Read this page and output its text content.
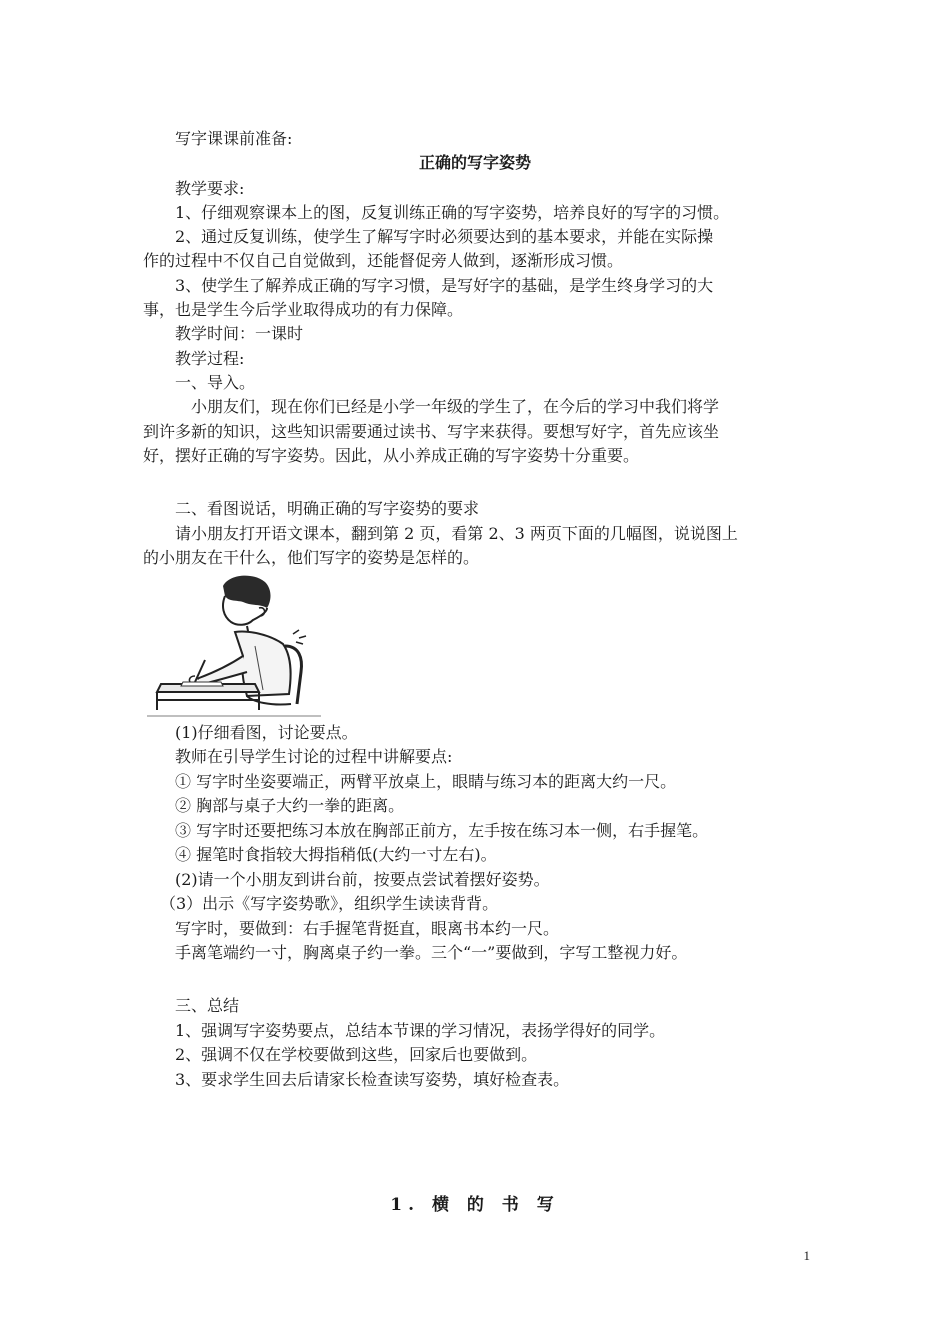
写字课课前准备:
正确的写字姿势
教学要求:
1、仔细观察课本上的图，反复训练正确的写字姿势，培养良好的写字的习惯。
2、通过反复训练，使学生了解写字时必须要达到的基本要求，并能在实际操
作的过程中不仅自己自觉做到，还能督促旁人做到，逐渐形成习惯。
3、使学生了解养成正确的写字习惯，是写好字的基础，是学生终身学习的大
事，也是学生今后学业取得成功的有力保障。
教学时间：一课时
教学过程:
一、导入。
小朋友们，现在你们已经是小学一年级的学生了，在今后的学习中我们将学
到许多新的知识，这些知识需要通过读书、写字来获得。要想写好字，首先应该坐
好，摆好正确的写字姿势。因此，从小养成正确的写字姿势十分重要。
二、看图说话，明确正确的写字姿势的要求
请小朋友打开语文课本，翻到第 2 页，看第 2、3 两页下面的几幅图，说说图上
的小朋友在干什么，他们写字的姿势是怎样的。
(1)仔细看图，讨论要点。
教师在引导学生讨论的过程中讲解要点:
① 写字时坐姿要端正，两臂平放桌上，眼睛与练习本的距离大约一尺。
② 胸部与桌子大约一拳的距离。
③ 写字时还要把练习本放在胸部正前方，左手按在练习本一侧，右手握笔。
④ 握笔时食指较大拇指稍低(大约一寸左右)。
(2)请一个小朋友到讲台前，按要点尝试着摆好姿势。
（3）出示《写字姿势歌》，组织学生读读背背。
写字时，要做到：右手握笔背挺直，眼离书本约一尺。
手离笔端约一寸，胸离桌子约一拳。三个“一”要做到，字写工整视力好。
三、总结
1、强调写字姿势要点，总结本节课的学习情况，表扬学得好的同学。
2、强调不仅在学校要做到这些，回家后也要做到。
3、要求学生回去后请家长检查读写姿势，填好检查表。
1. 横 的 书 写
1
